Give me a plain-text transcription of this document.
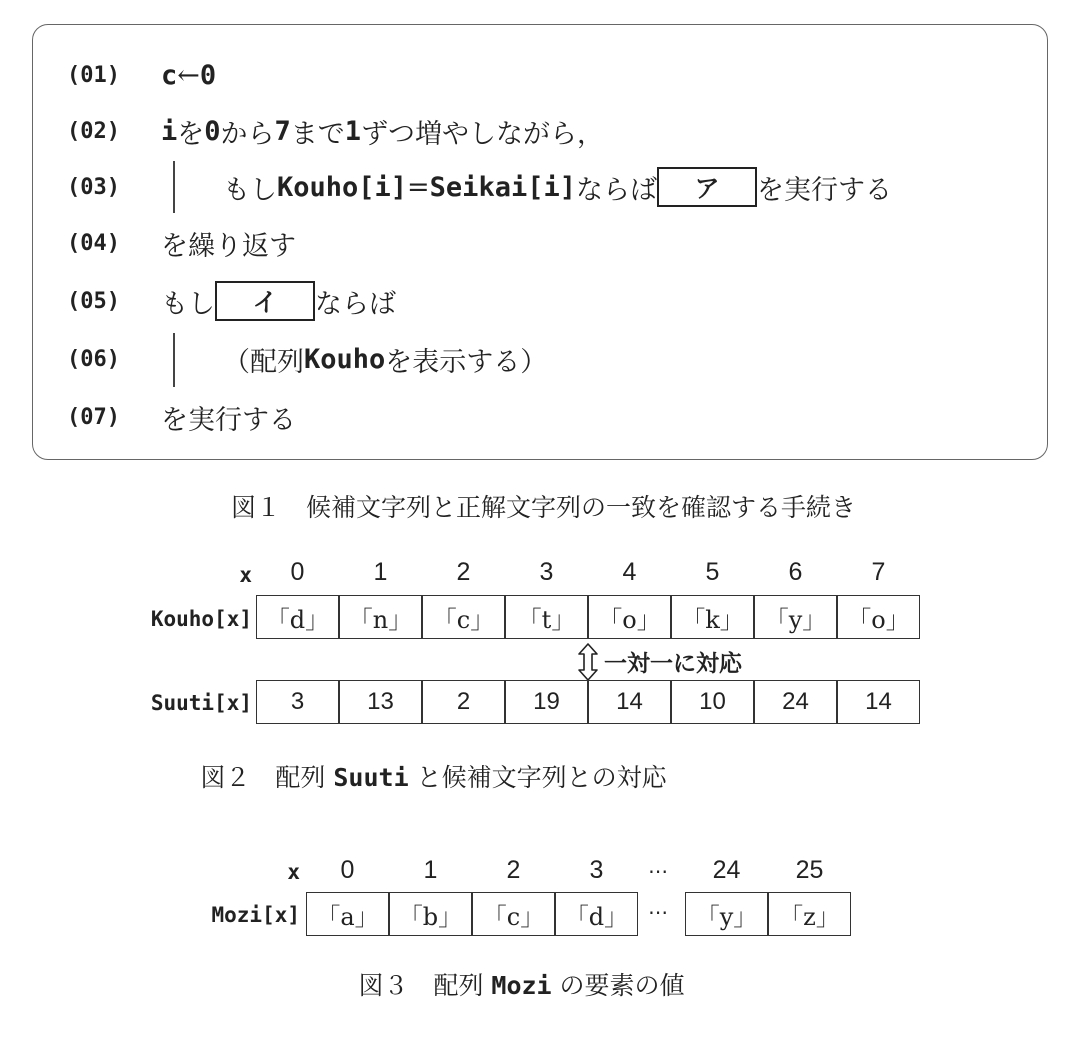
(01) c ← 0
(02) i を 0 から 7 まで 1 ずつ増やしながら，
(03)	もし Kouho[i] = Seikai[i] ならば	ア	を実行する
(04) を繰り返す
(05) もし	イ	ならば
(06)	（配列 Kouho を表示する）
(07) を実行する
図１　候補文字列と正解文字列の一致を確認する手続き
x	0	1	2	3	4	5	6	7
Kouho[x] 「d」 「n」 「c」 「t」 「o」 「k」 「y」 「o」
一対一に対応
Suuti[x]	3	13	2	19	14	10	24	14
図２　配列 Suuti と候補文字列との対応
x	0	1	2	3	24	25
⋯
Mozi[x] 「a」 「b」 「c」 「d」	「y」 「z」
⋯
図３　配列 Mozi の要素の値
